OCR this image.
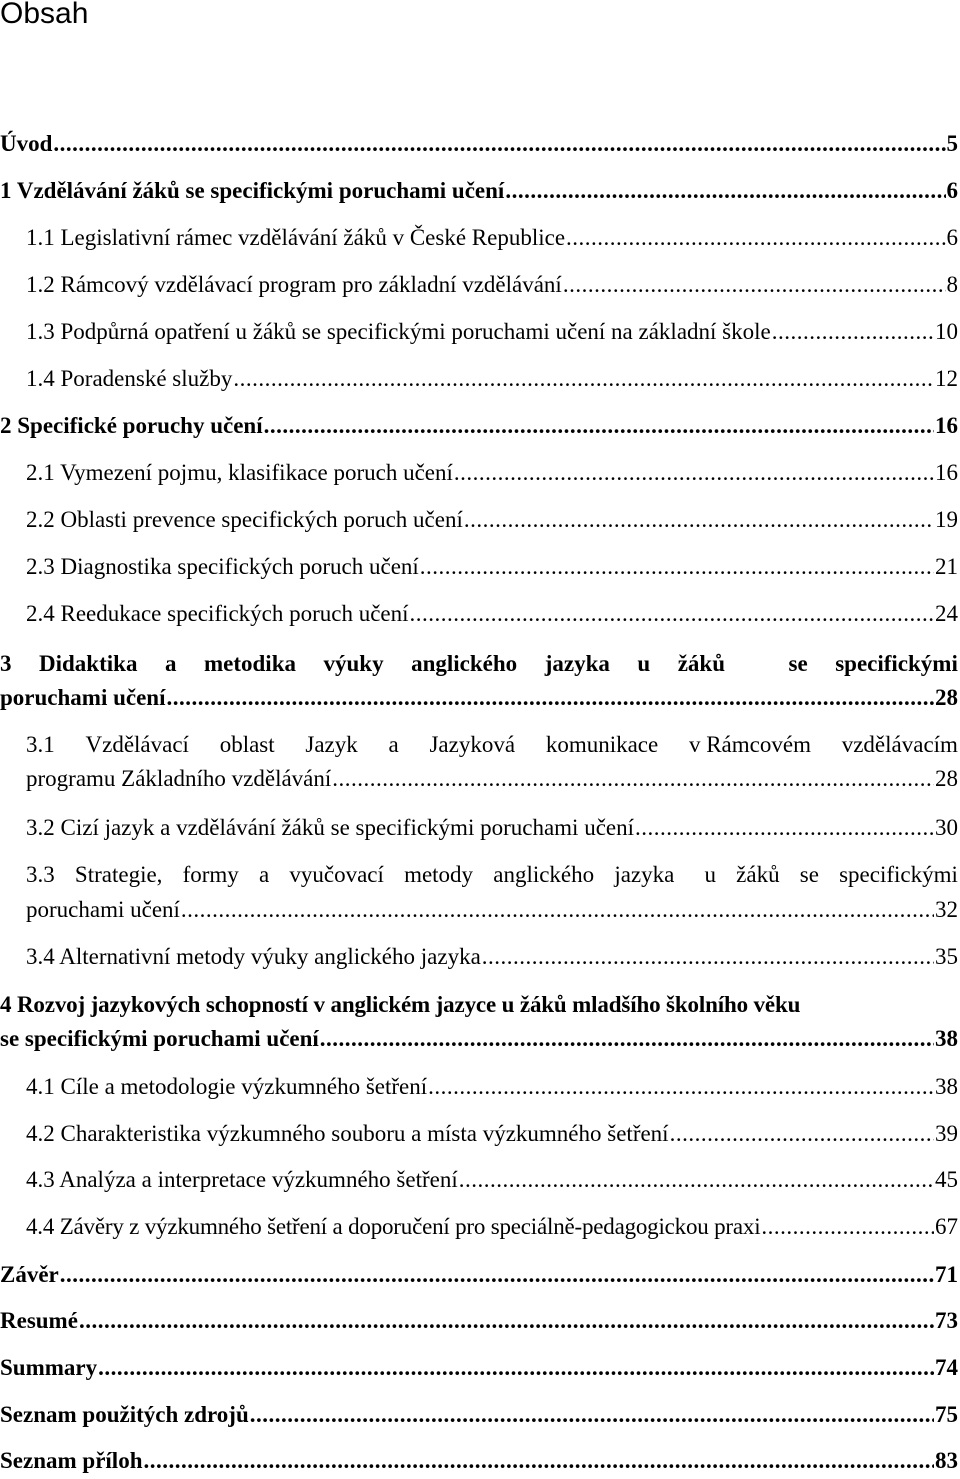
Obsah
Úvod .....	5
1 Vzdělávání žáků se specifickými poruchami učení .....	6
1.1 Legislativní rámec vzdělávání žáků v České Republice .....	6
1.2 Rámcový vzdělávací program pro základní vzdělávání .....	8
1.3 Podpůrná opatření u žáků se specifickými poruchami učení na základní škole .....	10
1.4 Poradenské služby .....	12
2 Specifické poruchy učení .....	16
2.1 Vymezení pojmu, klasifikace poruch učení .....	16
2.2 Oblasti prevence specifických poruch učení .....	19
2.3 Diagnostika specifických poruch učení .....	21
2.4 Reedukace specifických poruch učení .....	24
3 Didaktika a metodika výuky anglického jazyka u žáků	se specifickými
poruchami učení .....	28
3.1 Vzdělávací oblast Jazyk a Jazyková komunikace v Rámcovém vzdělávacím
programu Základního vzdělávání .....	28
3.2 Cizí jazyk a vzdělávání žáků se specifickými poruchami učení .....	30
3.3 Strategie, formy a vyučovací metody anglického jazyka u žáků se specifickými
poruchami učení .....	32
3.4 Alternativní metody výuky anglického jazyka .....	35
4 Rozvoj jazykových schopností v anglickém jazyce u žáků mladšího školního věku
se specifickými poruchami učení .....	38
4.1 Cíle a metodologie výzkumného šetření .....	38
4.2 Charakteristika výzkumného souboru a místa výzkumného šetření .....	39
4.3 Analýza a interpretace výzkumného šetření .....	45
4.4 Závěry z výzkumného šetření a doporučení pro speciálně-pedagogickou praxi .....	67
Závěr .....	71
Resumé .....	73
Summary .....	74
Seznam použitých zdrojů .....	75
Seznam příloh .....	83
